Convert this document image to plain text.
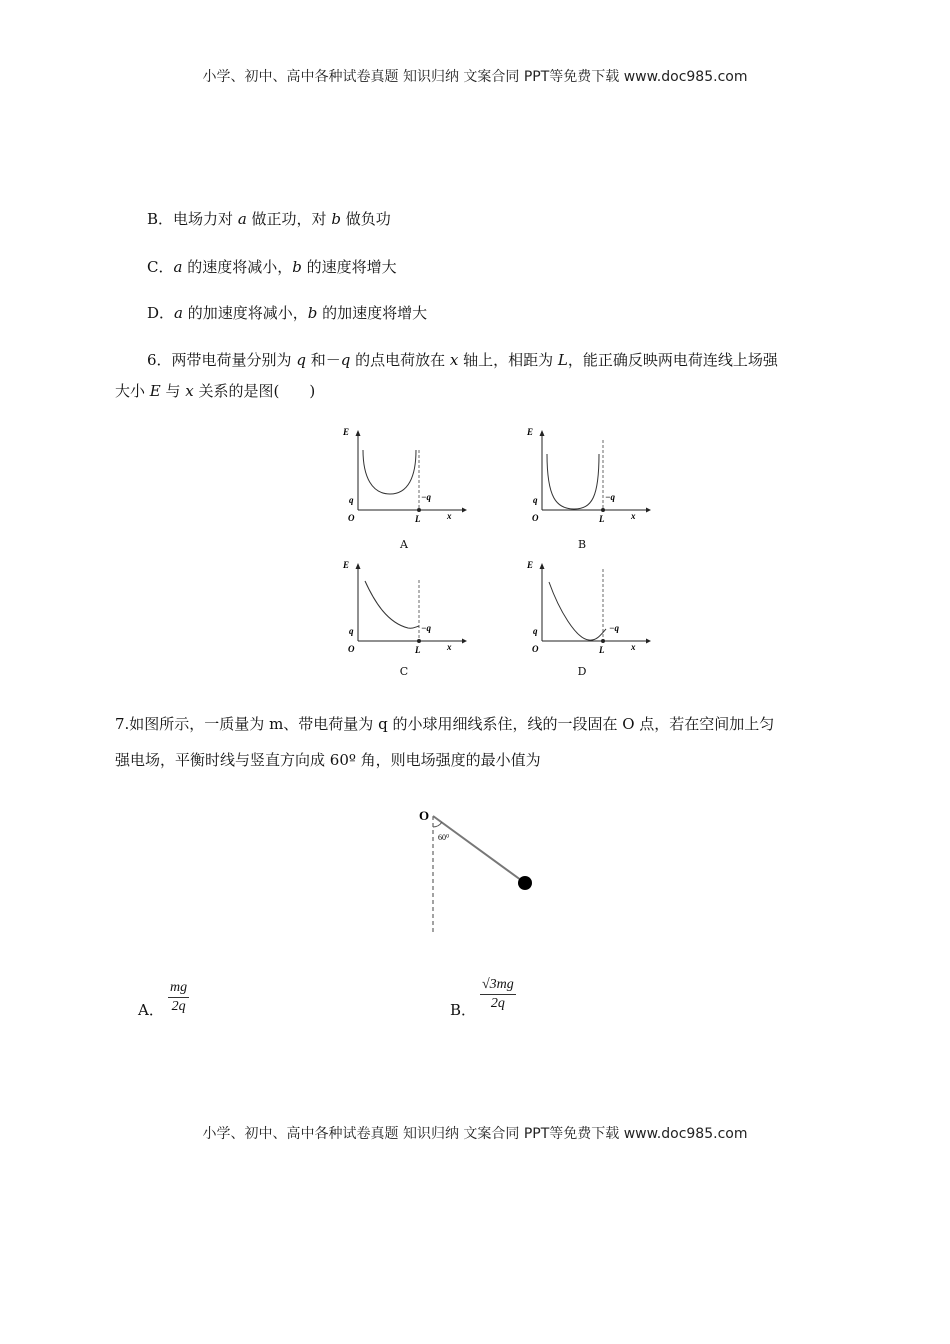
小学、初中、高中各种试卷真题 知识归纳 文案合同 PPT等免费下载 www.doc985.com
B．电场力对 a 做正功，对 b 做负功
C．a 的速度将减小，b 的速度将增大
D．a 的加速度将减小，b 的加速度将增大
6．两带电荷量分别为 q 和－q 的点电荷放在 x 轴上，相距为 L，能正确反映两电荷连线上场强
大小 E 与 x 关系的是图(　　)
E
q	−q
O	L	x
A
E
q	−q
O	L	x
B
E
q	−q
O	L	x
C
E
q	−q
O	L	x
D
7.如图所示，一质量为 m、带电荷量为 q 的小球用细线系住，线的一段固在 O 点，若在空间加上匀
强电场，平衡时线与竖直方向成 60º 角，则电场强度的最小值为
O
60⁰
A． $\frac{mg}{2q}$	B． $\frac{√3mg}{2q}$
小学、初中、高中各种试卷真题 知识归纳 文案合同 PPT等免费下载 www.doc985.com
